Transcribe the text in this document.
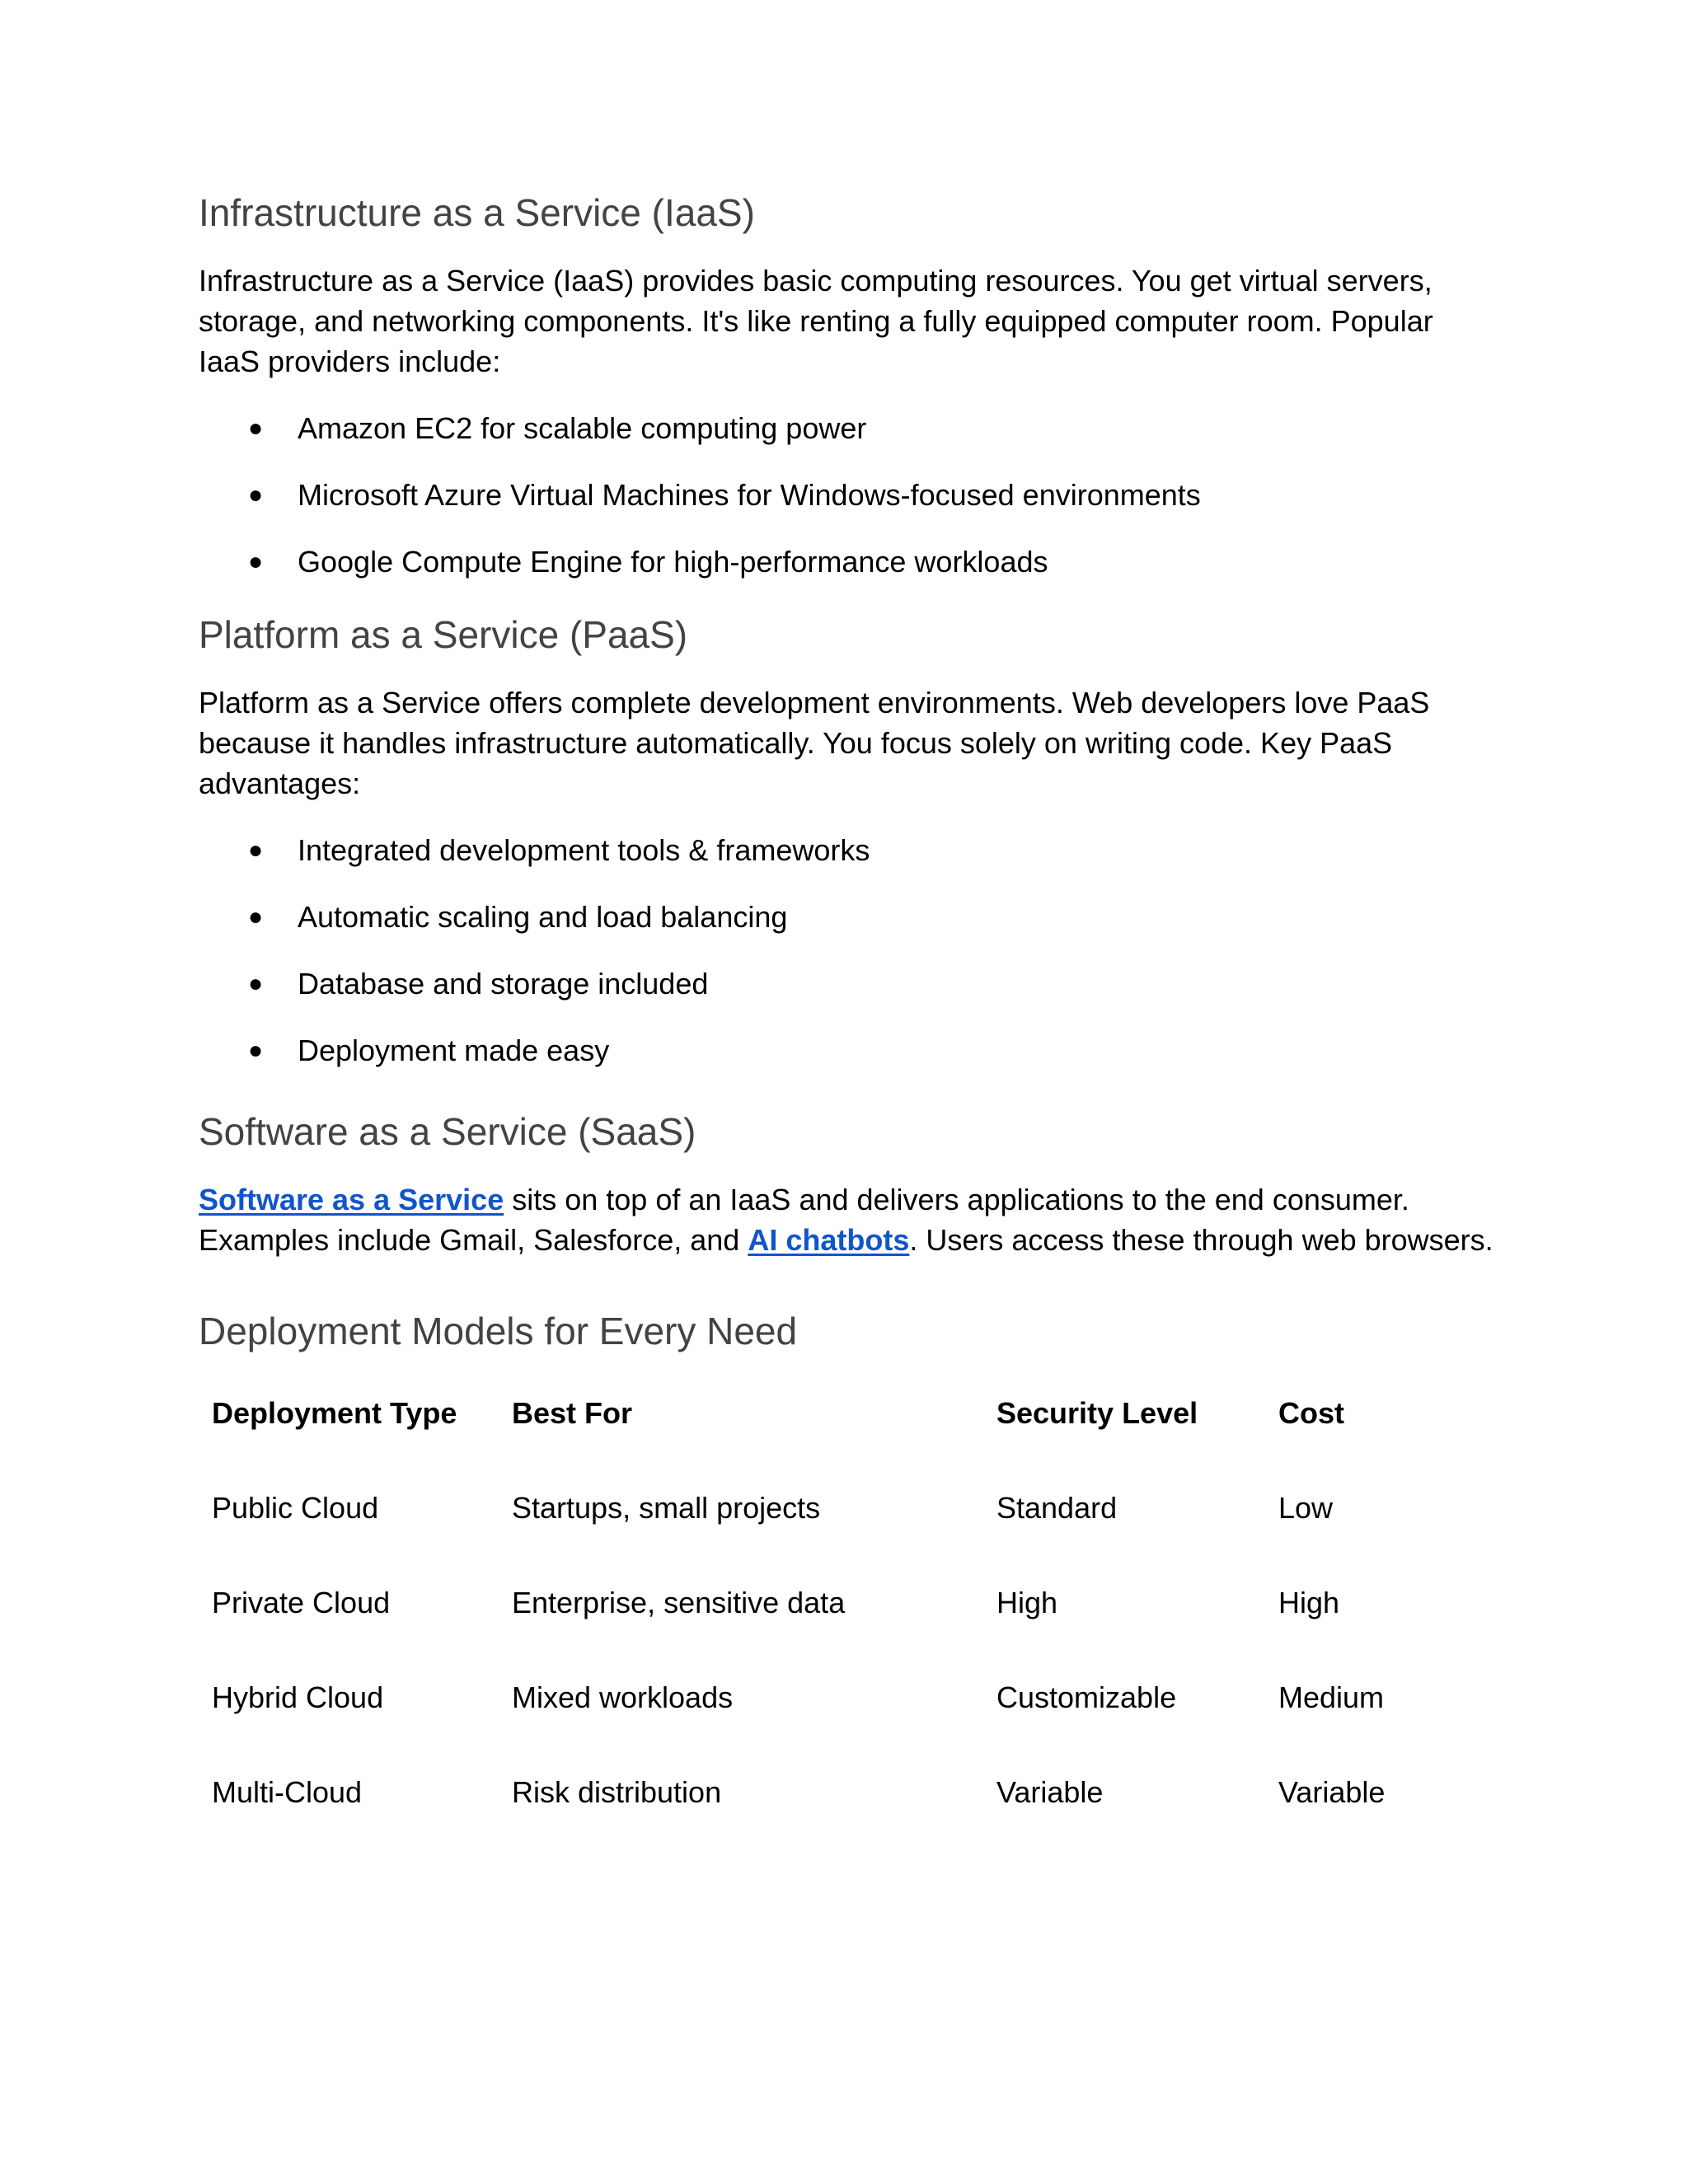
Infrastructure as a Service (IaaS)

Infrastructure as a Service (IaaS) provides basic computing resources. You get virtual servers, storage, and networking components. It's like renting a fully equipped computer room. Popular IaaS providers include:

● Amazon EC2 for scalable computing power
● Microsoft Azure Virtual Machines for Windows-focused environments
● Google Compute Engine for high-performance workloads
Platform as a Service (PaaS)

Platform as a Service offers complete development environments. Web developers love PaaS because it handles infrastructure automatically. You focus solely on writing code. Key PaaS advantages:

● Integrated development tools & frameworks
● Automatic scaling and load balancing
● Database and storage included
● Deployment made easy
Software as a Service (SaaS)

Software as a Service sits on top of an IaaS and delivers applications to the end consumer. Examples include Gmail, Salesforce, and AI chatbots. Users access these through web browsers.

Deployment Models for Every Need
Deployment Type	Best For	Security Level	Cost
Public Cloud	Startups, small projects	Standard	Low
Private Cloud	Enterprise, sensitive data	High	High
Hybrid Cloud	Mixed workloads	Customizable	Medium
Multi-Cloud	Risk distribution	Variable	Variable
